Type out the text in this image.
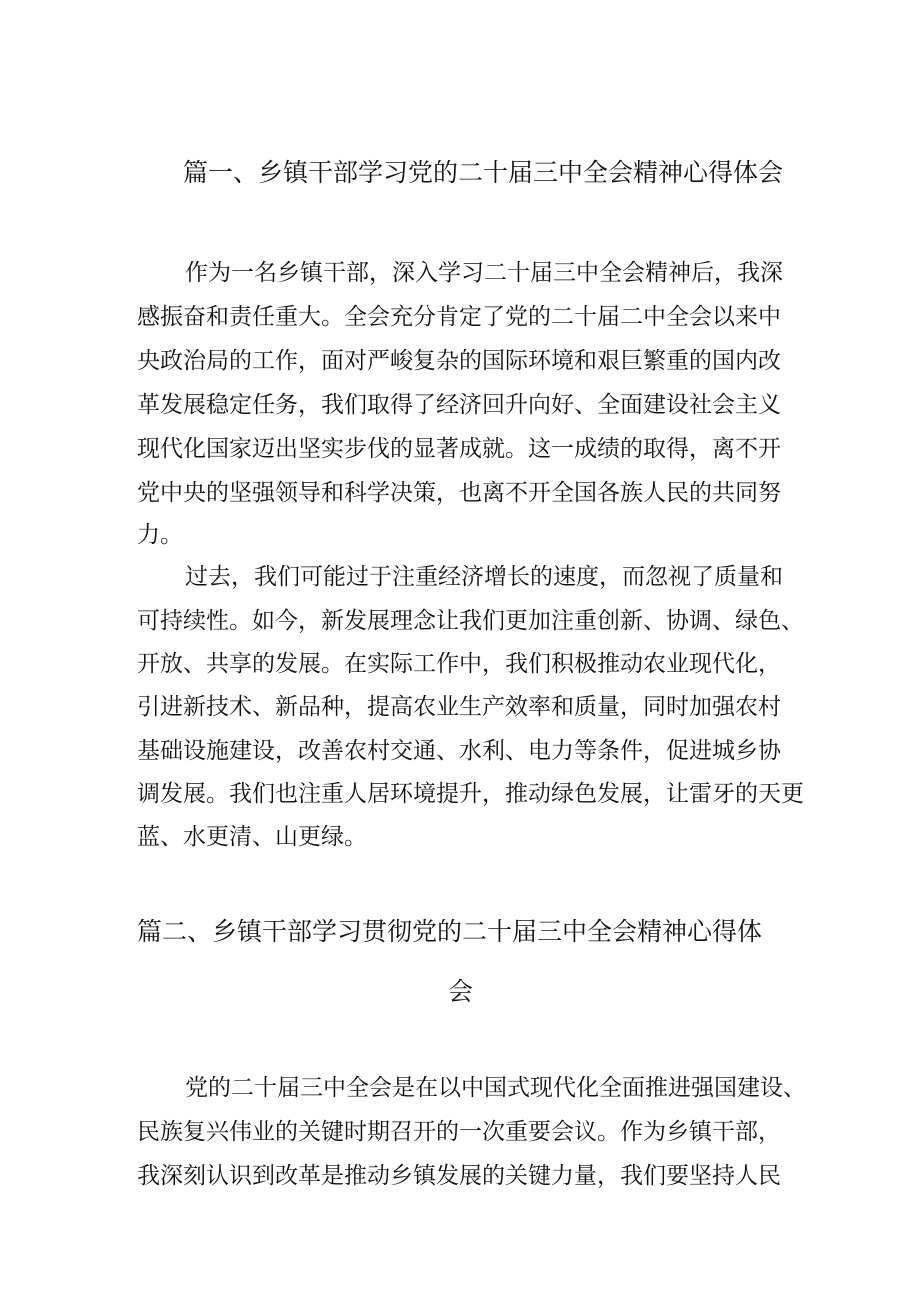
篇一、乡镇干部学习党的二十届三中全会精神心得体会

作为一名乡镇干部，深入学习二十届三中全会精神后，我深

感振奋和责任重大。全会充分肯定了党的二十届二中全会以来中

央政治局的工作，面对严峻复杂的国际环境和艰巨繁重的国内改

革发展稳定任务，我们取得了经济回升向好、全面建设社会主义

现代化国家迈出坚实步伐的显著成就。这一成绩的取得，离不开

党中央的坚强领导和科学决策，也离不开全国各族人民的共同努

力。

过去，我们可能过于注重经济增长的速度，而忽视了质量和

可持续性。如今，新发展理念让我们更加注重创新、协调、绿色、

开放、共享的发展。在实际工作中，我们积极推动农业现代化，

引进新技术、新品种，提高农业生产效率和质量，同时加强农村

基础设施建设，改善农村交通、水利、电力等条件，促进城乡协

调发展。我们也注重人居环境提升，推动绿色发展，让雷牙的天更

蓝、水更清、山更绿。

篇二、乡镇干部学习贯彻党的二十届三中全会精神心得体
会

党的二十届三中全会是在以中国式现代化全面推进强国建设、

民族复兴伟业的关键时期召开的一次重要会议。作为乡镇干部，

我深刻认识到改革是推动乡镇发展的关键力量，我们要坚持人民
